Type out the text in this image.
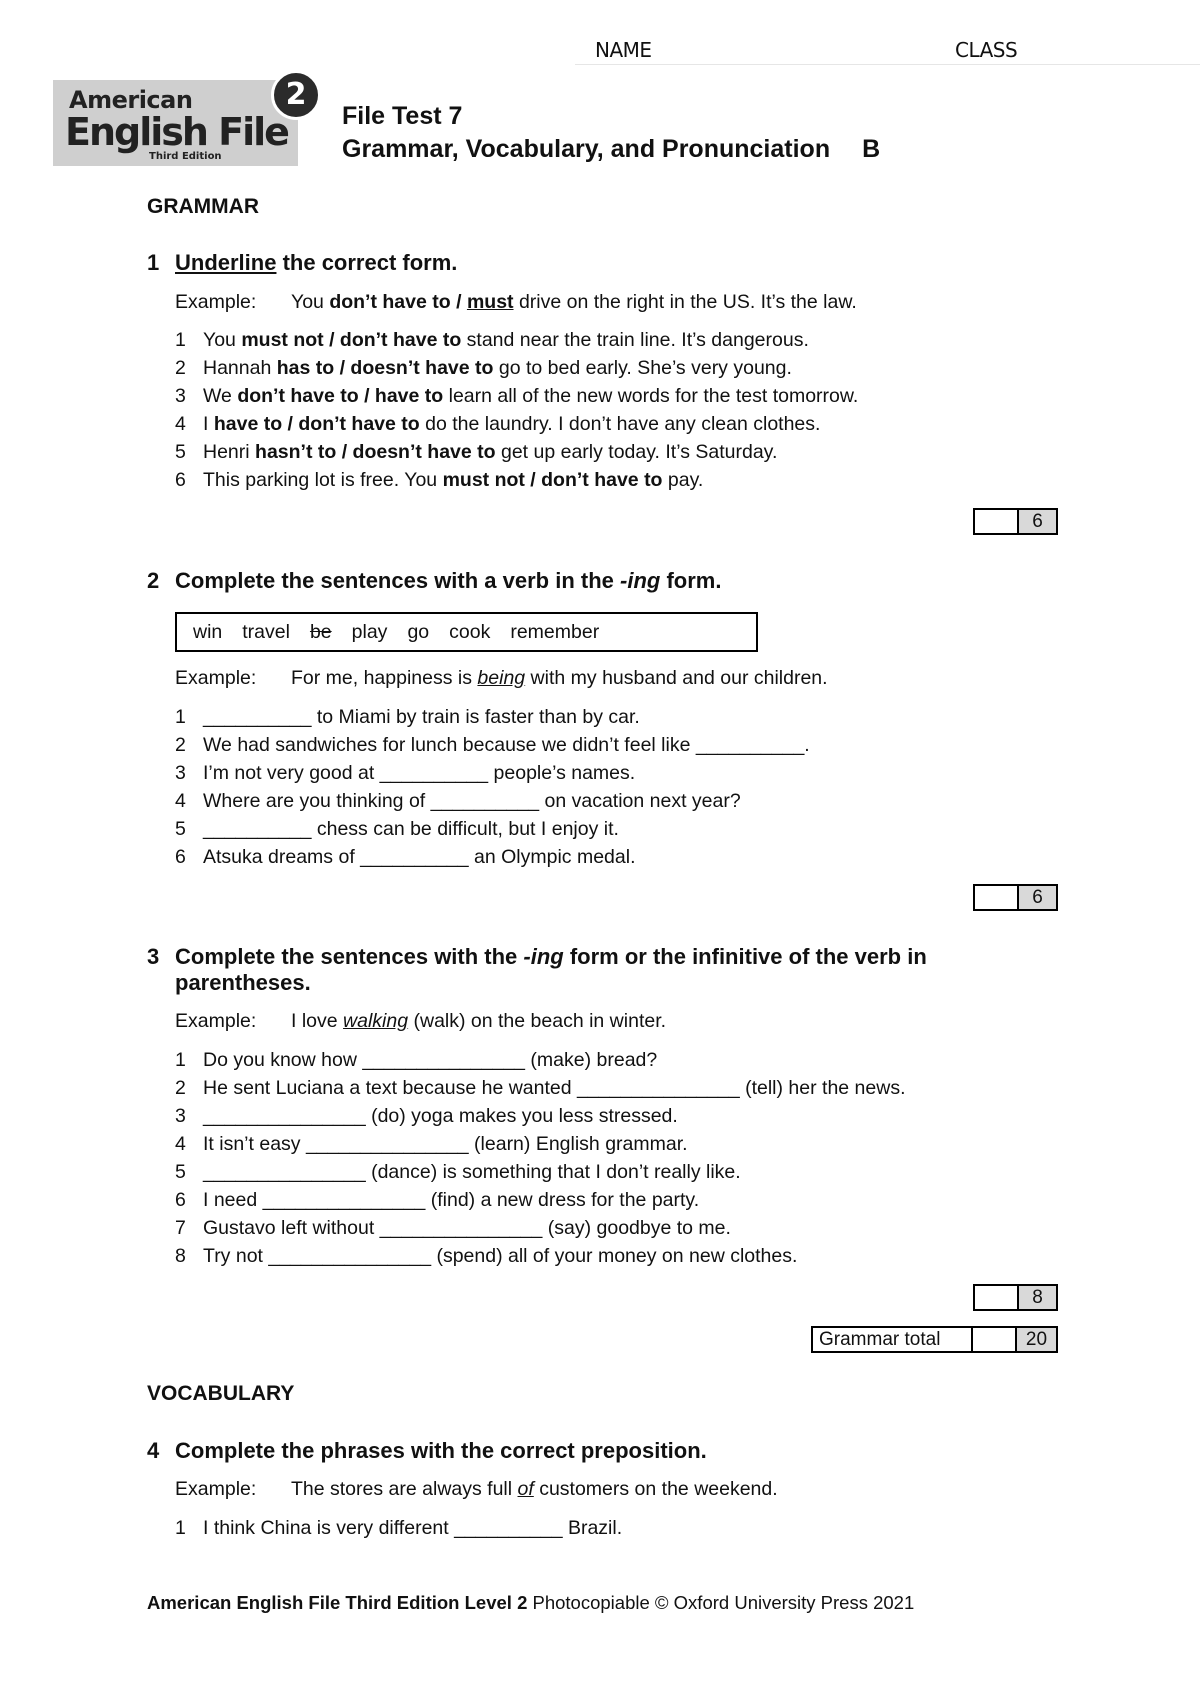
NAME	CLASS
American
English File
Third Edition
2
File Test 7
Grammar, Vocabulary, and Pronunciation B
GRAMMAR
1 Underline the correct form.
Example: You don’t have to / must drive on the right in the US. It’s the law.
1 You must not / don’t have to stand near the train line. It’s dangerous.
2 Hannah has to / doesn’t have to go to bed early. She’s very young.
3 We don’t have to / have to learn all of the new words for the test tomorrow.
4 I have to / don’t have to do the laundry. I don’t have any clean clothes.
5 Henri hasn’t to / doesn’t have to get up early today. It’s Saturday.
6 This parking lot is free. You must not / don’t have to pay.
6
2 Complete the sentences with a verb in the -ing form.
win travel be play go cook remember
Example: For me, happiness is being with my husband and our children.
1 __________ to Miami by train is faster than by car.
2 We had sandwiches for lunch because we didn’t feel like __________.
3 I’m not very good at __________ people’s names.
4 Where are you thinking of __________ on vacation next year?
5 __________ chess can be difficult, but I enjoy it.
6 Atsuka dreams of __________ an Olympic medal.
6
3 Complete the sentences with the -ing form or the infinitive of the verb in
parentheses.
Example: I love walking (walk) on the beach in winter.
1 Do you know how _______________ (make) bread?
2 He sent Luciana a text because he wanted _______________ (tell) her the news.
3 _______________ (do) yoga makes you less stressed.
4 It isn’t easy _______________ (learn) English grammar.
5 _______________ (dance) is something that I don’t really like.
6 I need _______________ (find) a new dress for the party.
7 Gustavo left without _______________ (say) goodbye to me.
8 Try not _______________ (spend) all of your money on new clothes.
8
Grammar total	20
VOCABULARY
4 Complete the phrases with the correct preposition.
Example: The stores are always full of customers on the weekend.
1 I think China is very different __________ Brazil.
American English File Third Edition Level 2 Photocopiable © Oxford University Press 2021
